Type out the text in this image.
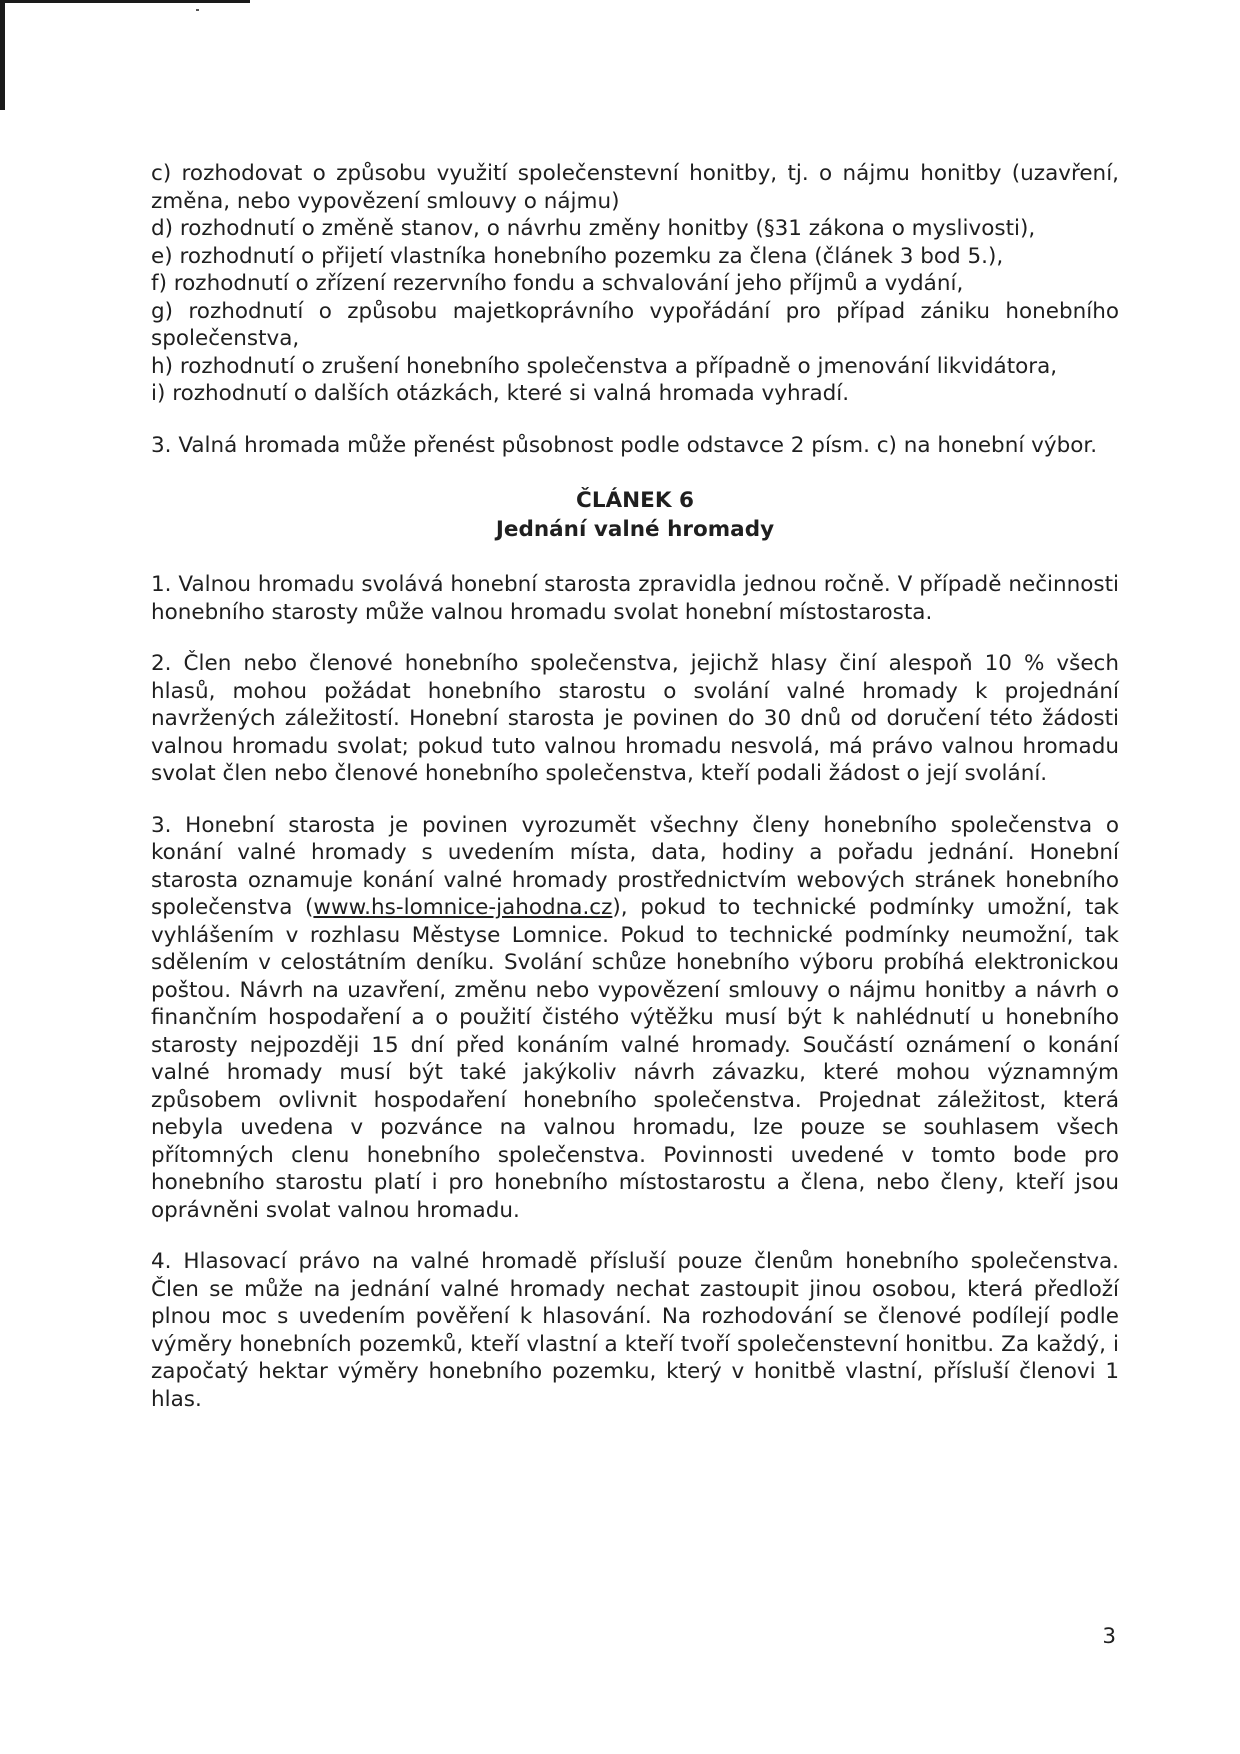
c) rozhodovat o způsobu využití společenstevní honitby, tj. o nájmu honitby (uzavření, změna, nebo vypovězení smlouvy o nájmu)

d) rozhodnutí o změně stanov, o návrhu změny honitby (§31 zákona o myslivosti),

e) rozhodnutí o přijetí vlastníka honebního pozemku za člena (článek 3 bod 5.),

f) rozhodnutí o zřízení rezervního fondu a schvalování jeho příjmů a vydání,

g) rozhodnutí o způsobu majetkoprávního vypořádání pro případ zániku honebního společenstva,

h) rozhodnutí o zrušení honebního společenstva a případně o jmenování likvidátora,

i) rozhodnutí o dalších otázkách, které si valná hromada vyhradí.

3. Valná hromada může přenést působnost podle odstavce 2 písm. c) na honební výbor.

ČLÁNEK 6

Jednání valné hromady

1. Valnou hromadu svolává honební starosta zpravidla jednou ročně. V případě nečinnosti honebního starosty může valnou hromadu svolat honební místostarosta.

2. Člen nebo členové honebního společenstva, jejichž hlasy činí alespoň 10 % všech hlasů, mohou požádat honebního starostu o svolání valné hromady k projednání navržených záležitostí. Honební starosta je povinen do 30 dnů od doručení této žádosti valnou hromadu svolat; pokud tuto valnou hromadu nesvolá, má právo valnou hromadu svolat člen nebo členové honebního společenstva, kteří podali žádost o její svolání.

3. Honební starosta je povinen vyrozumět všechny členy honebního společenstva o konání valné hromady s uvedením místa, data, hodiny a pořadu jednání. Honební starosta oznamuje konání valné hromady prostřednictvím webových stránek honebního společenstva (www.hs-lomnice-jahodna.cz), pokud to technické podmínky umožní, tak vyhlášením v rozhlasu Městyse Lomnice. Pokud to technické podmínky neumožní, tak sdělením v celostátním deníku. Svolání schůze honebního výboru probíhá elektronickou poštou. Návrh na uzavření, změnu nebo vypovězení smlouvy o nájmu honitby a návrh o finančním hospodaření a o použití čistého výtěžku musí být k nahlédnutí u honebního starosty nejpozději 15 dní před konáním valné hromady. Součástí oznámení o konání valné hromady musí být také jakýkoliv návrh závazku, které mohou významným způsobem ovlivnit hospodaření honebního společenstva. Projednat záležitost, která nebyla uvedena v pozvánce na valnou hromadu, lze pouze se souhlasem všech přítomných clenu honebního společenstva. Povinnosti uvedené v tomto bode pro honebního starostu platí i pro honebního místostarostu a člena, nebo členy, kteří jsou oprávněni svolat valnou hromadu.

4. Hlasovací právo na valné hromadě přísluší pouze členům honebního společenstva. Člen se může na jednání valné hromady nechat zastoupit jinou osobou, která předloží plnou moc s uvedením pověření k hlasování. Na rozhodování se členové podílejí podle výměry honebních pozemků, kteří vlastní a kteří tvoří společenstevní honitbu. Za každý, i započatý hektar výměry honebního pozemku, který v honitbě vlastní, přísluší členovi 1 hlas.

3
